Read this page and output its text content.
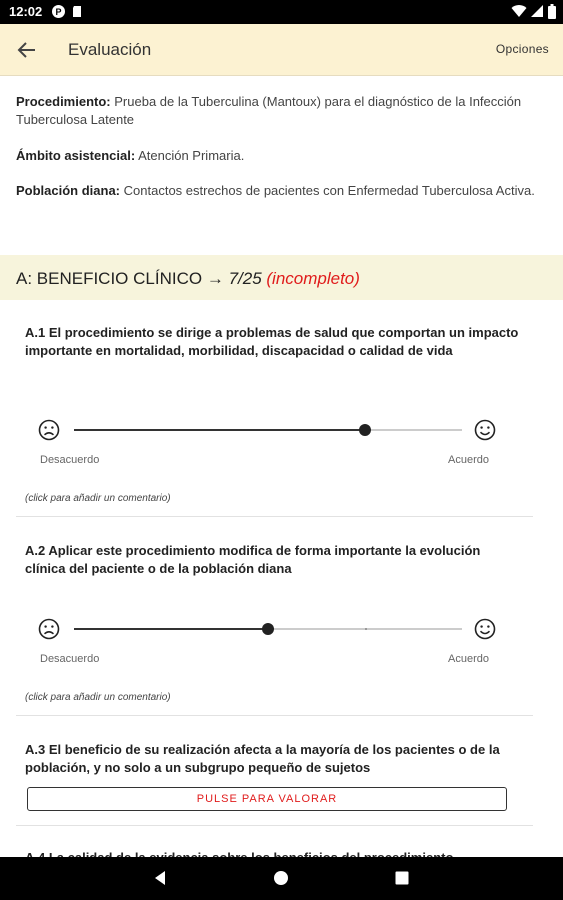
12:02 P
Evaluación	Opciones
Procedimiento: Prueba de la Tuberculina (Mantoux) para el diagnóstico de la Infección Tuberculosa Latente
Ámbito asistencial: Atención Primaria.
Población diana: Contactos estrechos de pacientes con Enfermedad Tuberculosa Activa.
A: BENEFICIO CLÍNICO → 7/25 (incompleto)
A.1 El procedimiento se dirige a problemas de salud que comportan un impacto importante en mortalidad, morbilidad, discapacidad o calidad de vida
Desacuerdo	Acuerdo
(click para añadir un comentario)
A.2 Aplicar este procedimiento modifica de forma importante la evolución clínica del paciente o de la población diana
Desacuerdo	Acuerdo
(click para añadir un comentario)
A.3 El beneficio de su realización afecta a la mayoría de los pacientes o de la población, y no solo a un subgrupo pequeño de sujetos
PULSE PARA VALORAR
